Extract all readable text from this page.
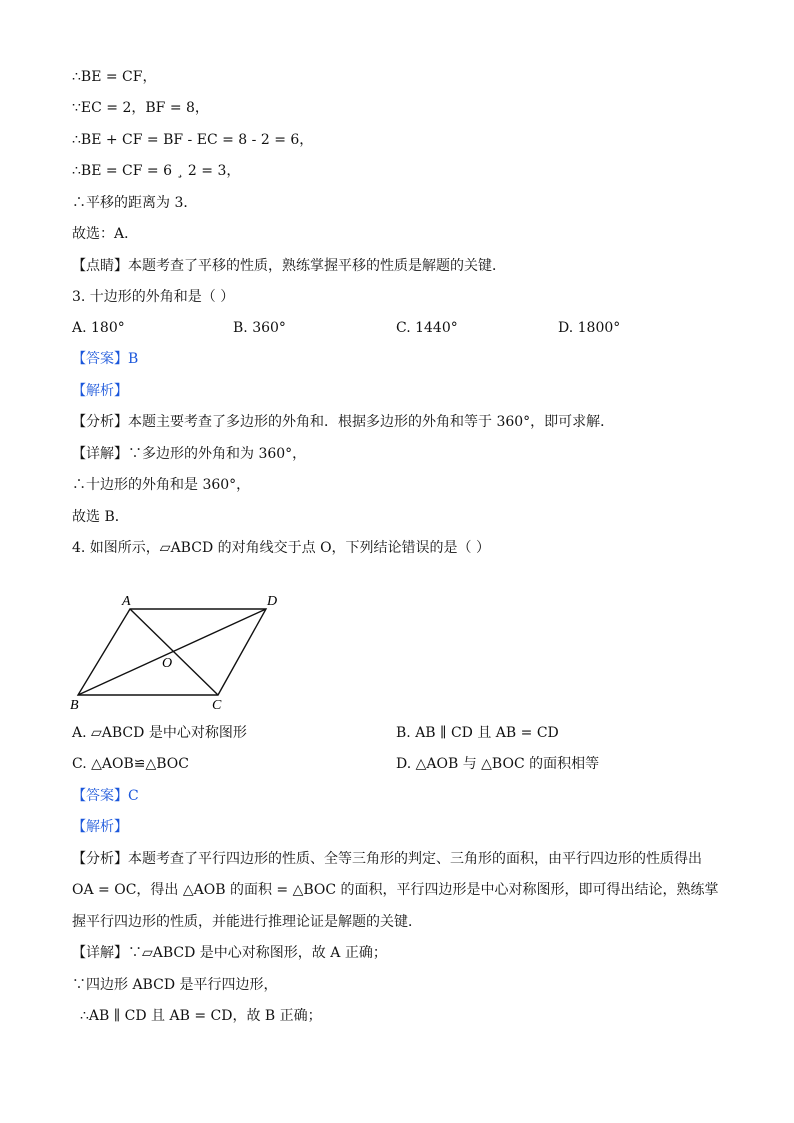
∴BE = CF，
∵EC = 2，BF = 8，
∴BE + CF = BF - EC = 8 - 2 = 6，
∴BE = CF = 6 ¸ 2 = 3，
∴平移的距离为 3．
故选：A．
【点睛】本题考查了平移的性质，熟练掌握平移的性质是解题的关键．
3. 十边形的外角和是（ ）
A. 180°	B. 360°	C. 1440°	D. 1800°
【答案】B
【解析】
【分析】本题主要考查了多边形的外角和．根据多边形的外角和等于 360°，即可求解．
【详解】∵多边形的外角和为 360°，
∴十边形的外角和是 360°，
故选 B．
4. 如图所示，▱ABCD 的对角线交于点 O，下列结论错误的是（ ）
A	D
O
B	C
A. ▱ABCD 是中心对称图形	B. AB ∥ CD 且 AB = CD
C. △AOB≌△BOC	D. △AOB 与 △BOC 的面积相等
【答案】C
【解析】
【分析】本题考查了平行四边形的性质、全等三角形的判定、三角形的面积，由平行四边形的性质得出
OA = OC，得出 △AOB 的面积 = △BOC 的面积，平行四边形是中心对称图形，即可得出结论，熟练掌
握平行四边形的性质，并能进行推理论证是解题的关键．
【详解】∵▱ABCD 是中心对称图形，故 A 正确；
∵四边形 ABCD 是平行四边形，
∴AB ∥ CD 且 AB = CD，故 B 正确；
